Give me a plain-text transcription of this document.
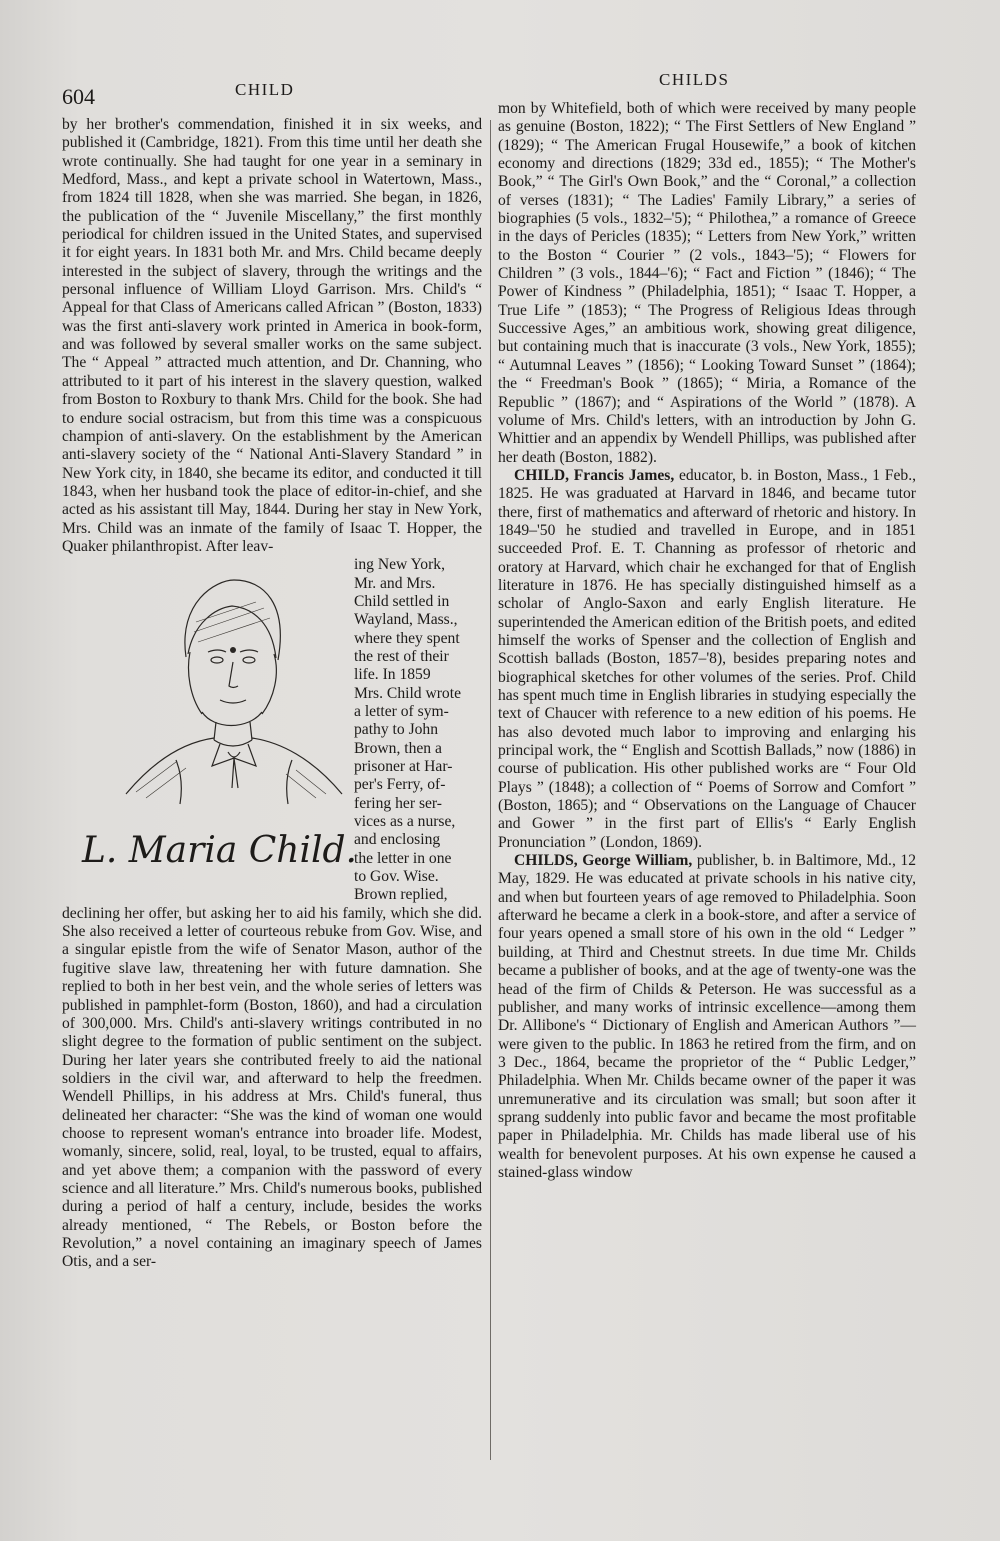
604	CHILD
CHILDS

by her brother's commendation, finished it in six weeks, and published it (Cambridge, 1821). From this time until her death she wrote continually. She had taught for one year in a seminary in Medford, Mass., and kept a private school in Watertown, Mass., from 1824 till 1828, when she was married. She began, in 1826, the publication of the “ Juvenile Miscellany,” the first monthly periodical for children issued in the United States, and supervised it for eight years. In 1831 both Mr. and Mrs. Child became deeply interested in the subject of slavery, through the writings and the personal influence of William Lloyd Garrison. Mrs. Child's “ Appeal for that Class of Americans called African ” (Boston, 1833) was the first anti-slavery work printed in America in book-form, and was followed by several smaller works on the same subject. The “ Appeal ” attracted much attention, and Dr. Channing, who attributed to it part of his interest in the slavery question, walked from Boston to Roxbury to thank Mrs. Child for the book. She had to endure social ostracism, but from this time was a conspicuous champion of anti-slavery. On the establishment by the American anti-slavery society of the “ National Anti-Slavery Standard ” in New York city, in 1840, she became its editor, and conducted it till 1843, when her husband took the place of editor-in-chief, and she acted as his assistant till May, 1844. During her stay in New York, Mrs. Child was an inmate of the family of Isaac T. Hopper, the Quaker philanthropist. After leav-

L. Maria Child.

ing New York,

Mr. and Mrs.

Child settled in

Wayland, Mass.,

where they spent

the rest of their

life. In 1859

Mrs. Child wrote

a letter of sym-

pathy to John

Brown, then a

prisoner at Har-

per's Ferry, of-

fering her ser-

vices as a nurse,

and enclosing

the letter in one

to Gov. Wise.

Brown replied,

declining her offer, but asking her to aid his family, which she did. She also received a letter of courteous rebuke from Gov. Wise, and a singular epistle from the wife of Senator Mason, author of the fugitive slave law, threatening her with future damnation. She replied to both in her best vein, and the whole series of letters was published in pamphlet-form (Boston, 1860), and had a circulation of 300,000. Mrs. Child's anti-slavery writings contributed in no slight degree to the formation of public sentiment on the subject. During her later years she contributed freely to aid the national soldiers in the civil war, and afterward to help the freedmen. Wendell Phillips, in his address at Mrs. Child's funeral, thus delineated her character: “She was the kind of woman one would choose to represent woman's entrance into broader life. Modest, womanly, sincere, solid, real, loyal, to be trusted, equal to affairs, and yet above them; a companion with the password of every science and all literature.” Mrs. Child's numerous books, published during a period of half a century, include, besides the works already mentioned, “ The Rebels, or Boston before the Revolution,” a novel containing an imaginary speech of James Otis, and a ser-

mon by Whitefield, both of which were received by many people as genuine (Boston, 1822); “ The First Settlers of New England ” (1829); “ The American Frugal Housewife,” a book of kitchen economy and directions (1829; 33d ed., 1855); “ The Mother's Book,” “ The Girl's Own Book,” and the “ Coronal,” a collection of verses (1831); “ The Ladies' Family Library,” a series of biographies (5 vols., 1832–'5); “ Philothea,” a romance of Greece in the days of Pericles (1835); “ Letters from New York,” written to the Boston “ Courier ” (2 vols., 1843–'5); “ Flowers for Children ” (3 vols., 1844–'6); “ Fact and Fiction ” (1846); “ The Power of Kindness ” (Philadelphia, 1851); “ Isaac T. Hopper, a True Life ” (1853); “ The Progress of Religious Ideas through Successive Ages,” an ambitious work, showing great diligence, but containing much that is inaccurate (3 vols., New York, 1855); “ Autumnal Leaves ” (1856); “ Looking Toward Sunset ” (1864); the “ Freedman's Book ” (1865); “ Miria, a Romance of the Republic ” (1867); and “ Aspirations of the World ” (1878). A volume of Mrs. Child's letters, with an introduction by John G. Whittier and an appendix by Wendell Phillips, was published after her death (Boston, 1882).

CHILD, Francis James, educator, b. in Boston, Mass., 1 Feb., 1825. He was graduated at Harvard in 1846, and became tutor there, first of mathematics and afterward of rhetoric and history. In 1849–'50 he studied and travelled in Europe, and in 1851 succeeded Prof. E. T. Channing as professor of rhetoric and oratory at Harvard, which chair he exchanged for that of English literature in 1876. He has specially distinguished himself as a scholar of Anglo-Saxon and early English literature. He superintended the American edition of the British poets, and edited himself the works of Spenser and the collection of English and Scottish ballads (Boston, 1857–'8), besides preparing notes and biographical sketches for other volumes of the series. Prof. Child has spent much time in English libraries in studying especially the text of Chaucer with reference to a new edition of his poems. He has also devoted much labor to improving and enlarging his principal work, the “ English and Scottish Ballads,” now (1886) in course of publication. His other published works are “ Four Old Plays ” (1848); a collection of “ Poems of Sorrow and Comfort ” (Boston, 1865); and “ Observations on the Language of Chaucer and Gower ” in the first part of Ellis's “ Early English Pronunciation ” (London, 1869).

CHILDS, George William, publisher, b. in Baltimore, Md., 12 May, 1829. He was educated at private schools in his native city, and when but fourteen years of age removed to Philadelphia. Soon afterward he became a clerk in a book-store, and after a service of four years opened a small store of his own in the old “ Ledger ” building, at Third and Chestnut streets. In due time Mr. Childs became a publisher of books, and at the age of twenty-one was the head of the firm of Childs & Peterson. He was successful as a publisher, and many works of intrinsic excellence—among them Dr. Allibone's “ Dictionary of English and American Authors ”—were given to the public. In 1863 he retired from the firm, and on 3 Dec., 1864, became the proprietor of the “ Public Ledger,” Philadelphia. When Mr. Childs became owner of the paper it was unremunerative and its circulation was small; but soon after it sprang suddenly into public favor and became the most profitable paper in Philadelphia. Mr. Childs has made liberal use of his wealth for benevolent purposes. At his own expense he caused a stained-glass window
